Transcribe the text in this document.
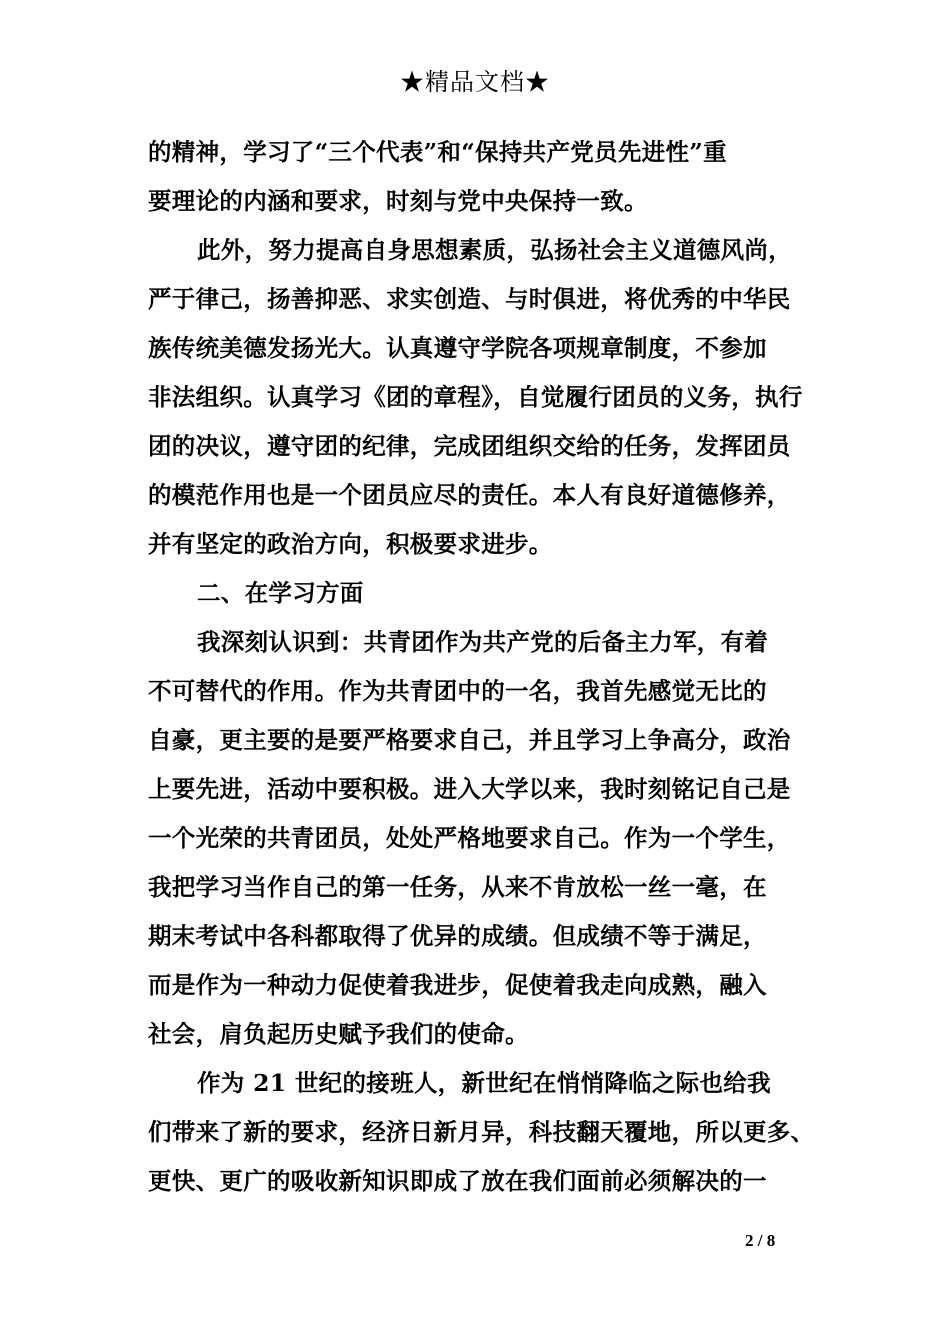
★精品文档★
的精神，学习了“三个代表”和“保持共产党员先进性”重
要理论的内涵和要求，时刻与党中央保持一致。
此外，努力提高自身思想素质，弘扬社会主义道德风尚，
严于律己，扬善抑恶、求实创造、与时俱进，将优秀的中华民
族传统美德发扬光大。认真遵守学院各项规章制度，不参加
非法组织。认真学习《团的章程》，自觉履行团员的义务，执行
团的决议，遵守团的纪律，完成团组织交给的任务，发挥团员
的模范作用也是一个团员应尽的责任。本人有良好道德修养，
并有坚定的政治方向，积极要求进步。
二、在学习方面
我深刻认识到：共青团作为共产党的后备主力军，有着
不可替代的作用。作为共青团中的一名，我首先感觉无比的
自豪，更主要的是要严格要求自己，并且学习上争高分，政治
上要先进，活动中要积极。进入大学以来，我时刻铭记自己是
一个光荣的共青团员，处处严格地要求自己。作为一个学生，
我把学习当作自己的第一任务，从来不肯放松一丝一毫，在
期末考试中各科都取得了优异的成绩。但成绩不等于满足，
而是作为一种动力促使着我进步，促使着我走向成熟，融入
社会，肩负起历史赋予我们的使命。
作为 21 世纪的接班人，新世纪在悄悄降临之际也给我
们带来了新的要求，经济日新月异，科技翻天覆地，所以更多、
更快、更广的吸收新知识即成了放在我们面前必须解决的一
2 / 8
